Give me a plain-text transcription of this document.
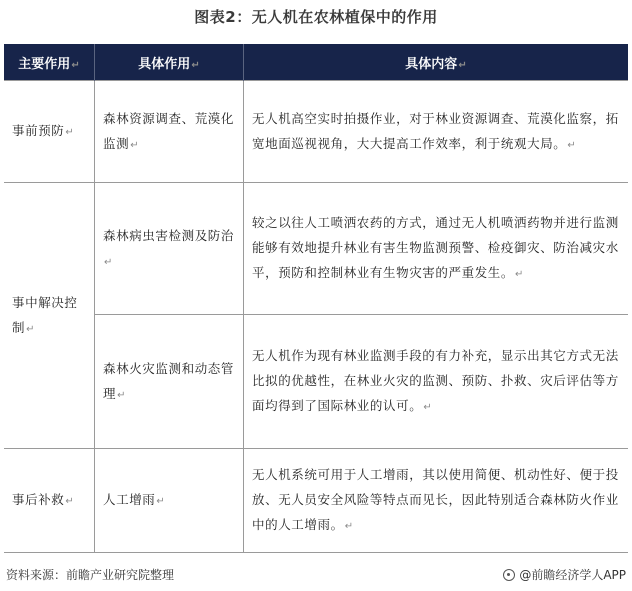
图表2：无人机在农林植保中的作用
主要作用↵	具体作用↵	具体内容↵
事前预防↵	森林资源调查、荒漠化监测↵	无人机高空实时拍摄作业，对于林业资源调查、荒漠化监察，拓宽地面巡视视角，大大提高工作效率，利于统观大局。↵
事中解决控制↵	森林病虫害检测及防治↵	较之以往人工喷洒农药的方式，通过无人机喷洒药物并进行监测能够有效地提升林业有害生物监测预警、检疫御灾、防治减灾水平，预防和控制林业有生物灾害的严重发生。↵
	森林火灾监测和动态管理↵	无人机作为现有林业监测手段的有力补充，显示出其它方式无法比拟的优越性，在林业火灾的监测、预防、扑救、灾后评估等方面均得到了国际林业的认可。↵
事后补救↵	人工增雨↵	无人机系统可用于人工增雨，其以使用简便、机动性好、便于投放、无人员安全风险等特点而见长，因此特别适合森林防火作业中的人工增雨。↵
资料来源：前瞻产业研究院整理	@前瞻经济学人APP
